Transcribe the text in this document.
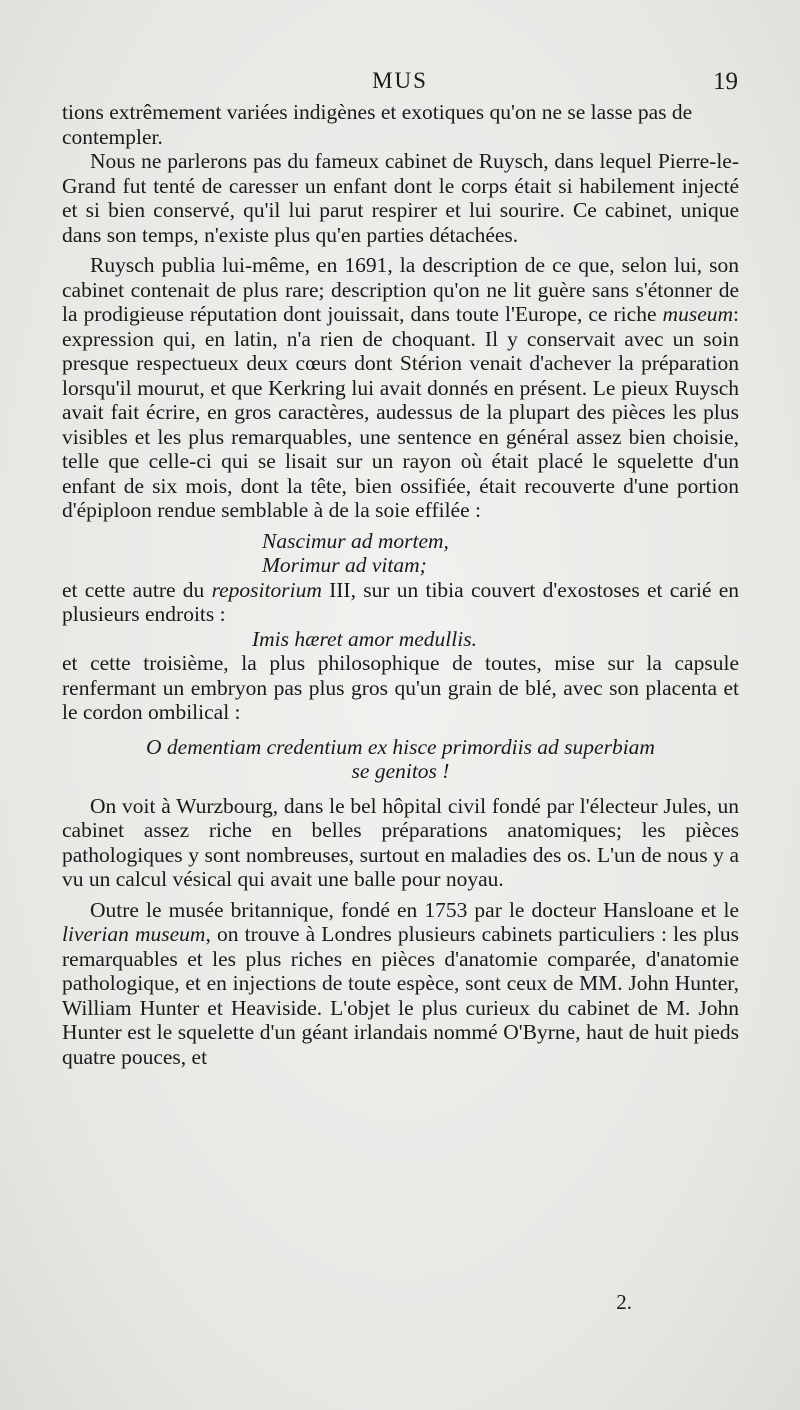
MUS	19

tions extrêmement variées indigènes et exotiques qu'on ne se lasse pas de contempler.

Nous ne parlerons pas du fameux cabinet de Ruysch, dans lequel Pierre-le-Grand fut tenté de caresser un enfant dont le corps était si habilement injecté et si bien conservé, qu'il lui parut respirer et lui sourire. Ce cabinet, unique dans son temps, n'existe plus qu'en parties détachées.

Ruysch publia lui-même, en 1691, la description de ce que, selon lui, son cabinet contenait de plus rare; description qu'on ne lit guère sans s'étonner de la prodigieuse réputation dont jouissait, dans toute l'Europe, ce riche museum: expression qui, en latin, n'a rien de choquant. Il y conservait avec un soin presque respectueux deux cœurs dont Stérion venait d'achever la préparation lorsqu'il mourut, et que Kerkring lui avait donnés en présent. Le pieux Ruysch avait fait écrire, en gros caractères, audessus de la plupart des pièces les plus visibles et les plus remarquables, une sentence en général assez bien choisie, telle que celle-ci qui se lisait sur un rayon où était placé le squelette d'un enfant de six mois, dont la tête, bien ossifiée, était recouverte d'une portion d'épiploon rendue semblable à de la soie effilée :

Nascimur ad mortem,
Morimur ad vitam;

et cette autre du repositorium III, sur un tibia couvert d'exostoses et carié en plusieurs endroits :

Imis hæret amor medullis.

et cette troisième, la plus philosophique de toutes, mise sur la capsule renfermant un embryon pas plus gros qu'un grain de blé, avec son placenta et le cordon ombilical :

O dementiam credentium ex hisce primordiis ad superbiam
se genitos !

On voit à Wurzbourg, dans le bel hôpital civil fondé par l'électeur Jules, un cabinet assez riche en belles préparations anatomiques; les pièces pathologiques y sont nombreuses, surtout en maladies des os. L'un de nous y a vu un calcul vésical qui avait une balle pour noyau.

Outre le musée britannique, fondé en 1753 par le docteur Hansloane et le liverian museum, on trouve à Londres plusieurs cabinets particuliers : les plus remarquables et les plus riches en pièces d'anatomie comparée, d'anatomie pathologique, et en injections de toute espèce, sont ceux de MM. John Hunter, William Hunter et Heaviside. L'objet le plus curieux du cabinet de M. John Hunter est le squelette d'un géant irlandais nommé O'Byrne, haut de huit pieds quatre pouces, et

2.
